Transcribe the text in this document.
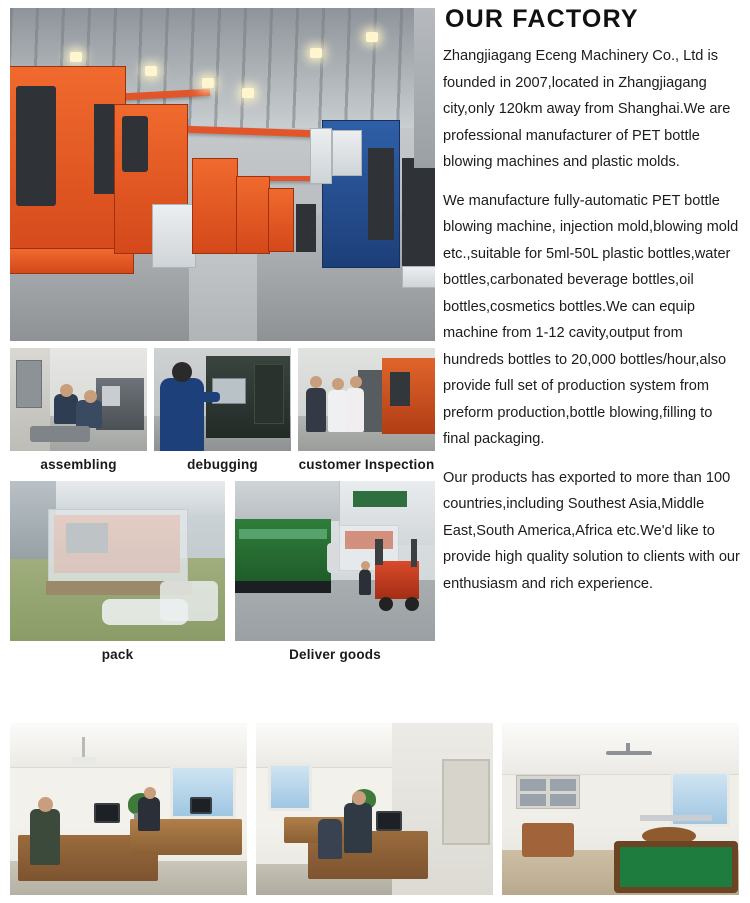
assembling	debugging	customer Inspection
pack	Deliver goods
OUR FACTORY

Zhangjiagang Eceng Machinery Co., Ltd is founded in 2007,located in Zhangjiagang city,only 120km away from Shanghai.We are professional manufacturer of PET bottle blowing machines and plastic molds.

We manufacture fully-automatic PET bottle blowing machine, injection mold,blowing mold etc.,suitable for 5ml-50L plastic bottles,water bottles,carbonated beverage bottles,oil bottles,cosmetics bottles.We can equip machine from 1-12 cavity,output from hundreds bottles to 20,000 bottles/hour,also provide full set of production system from preform production,bottle blowing,filling to final packaging.

Our products has exported to more than 100 countries,including Southest Asia,Middle East,South America,Africa etc.We'd like to provide high quality solution to clients with our enthusiasm and rich experience.
